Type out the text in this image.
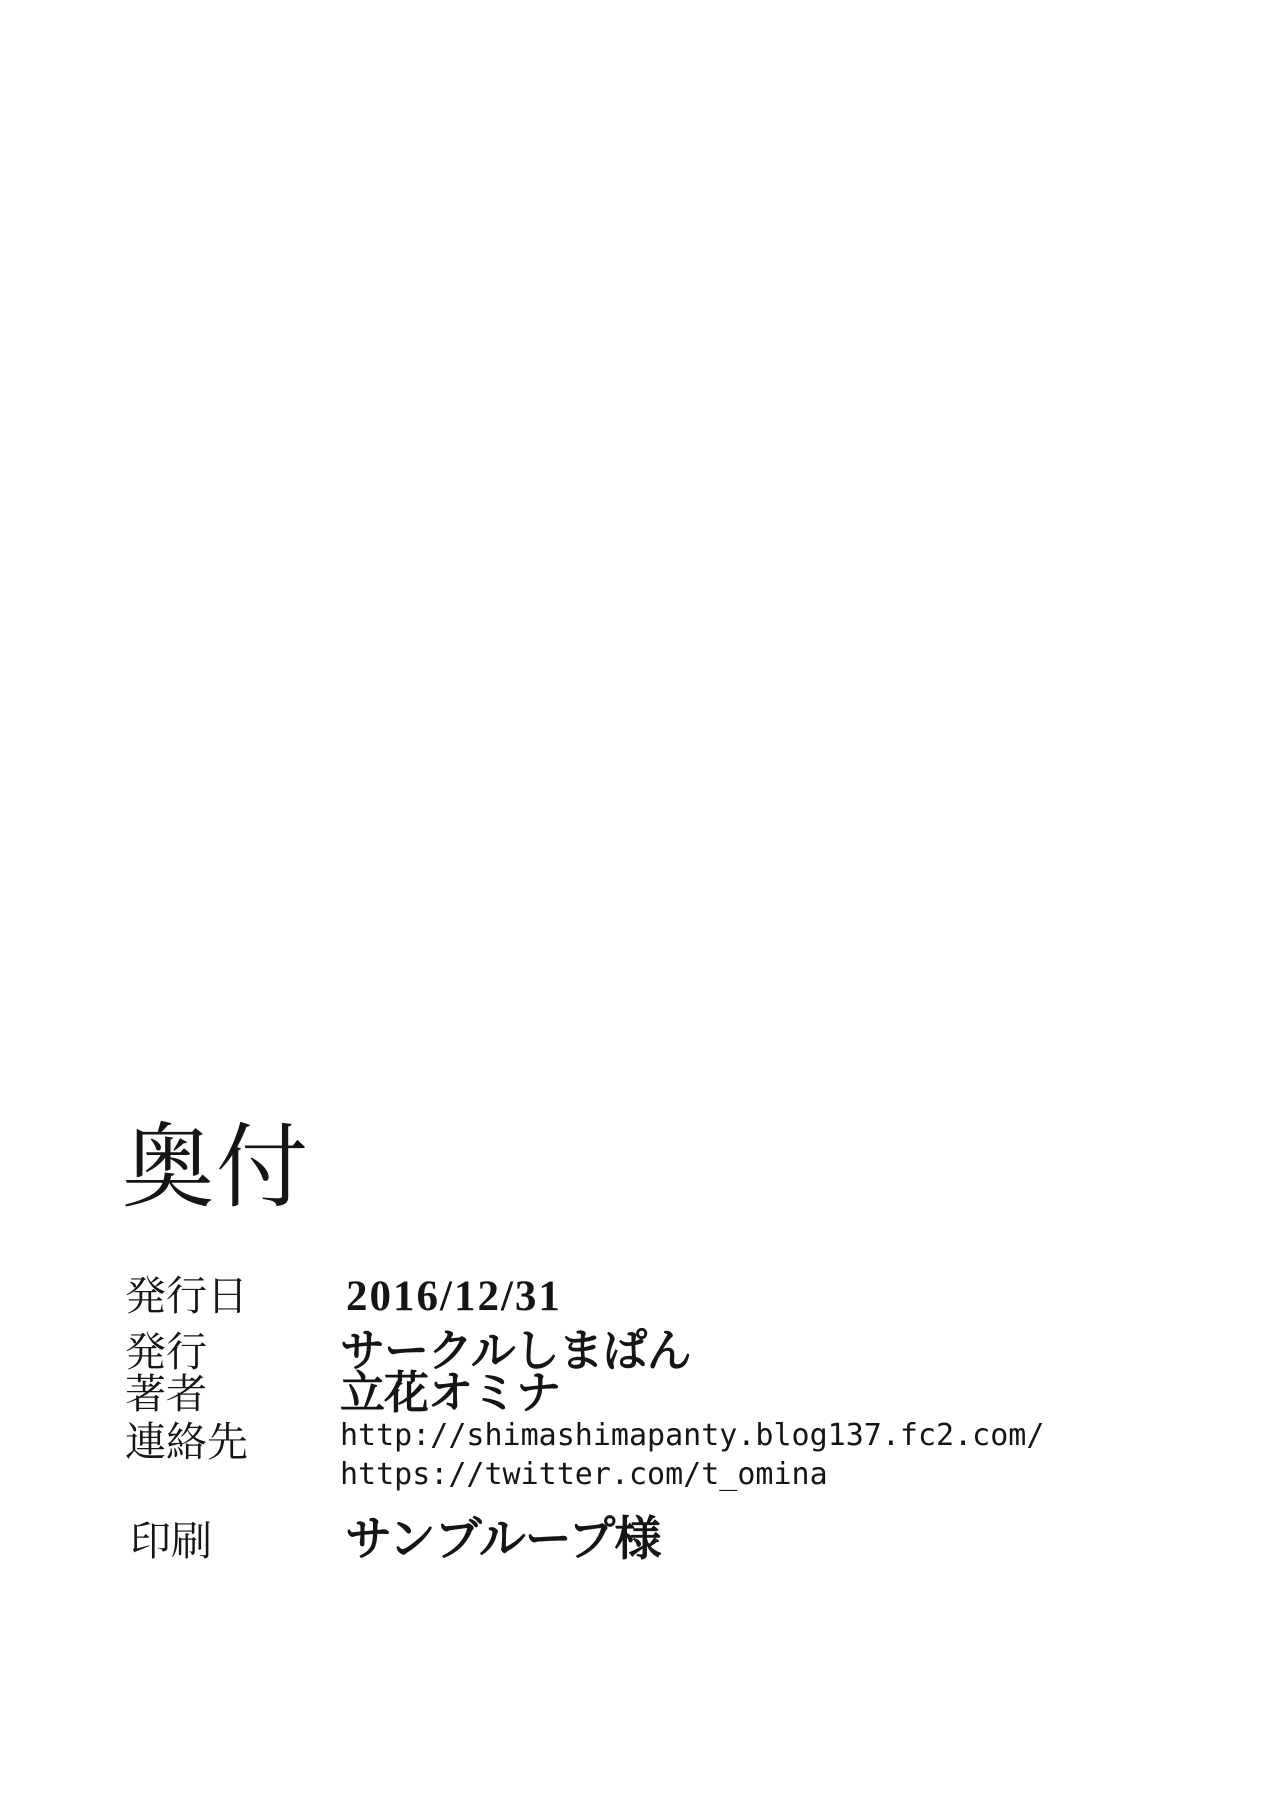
奥付
発行日	2016/12/31
発行	サークルしまぱん
著者	立花オミナ
連絡先	http://shimashimapanty.blog137.fc2.com/
https://twitter.com/t_omina
印刷	サンブループ様
